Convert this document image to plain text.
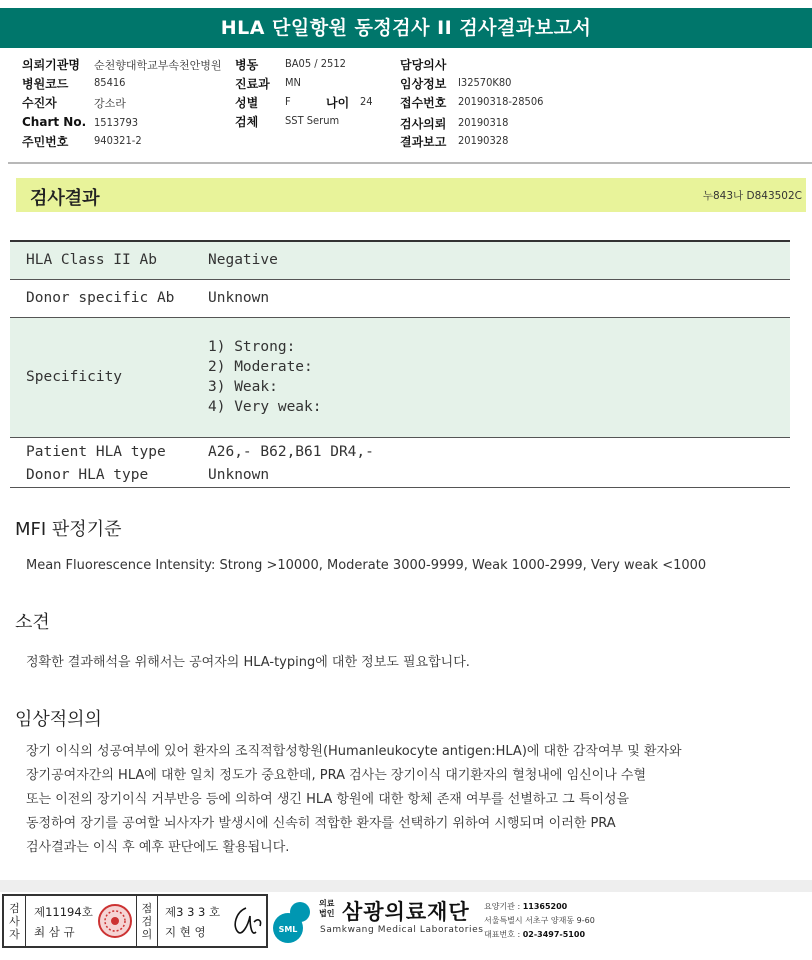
HLA 단일항원 동정검사 II 검사결과보고서
의뢰기관명 순천향대학교부속천안병원 병동 BA05 / 2512	담당의사
병원코드 85416	진료과 MN	임상정보 I32570K80
수진자	강소라	성별 F	나이 24 접수번호 20190318-28506
Chart No. 1513793	검체 SST Serum	검사의뢰 20190318
주민번호 940321-2	결과보고 20190328
검사결과	누843나 D843502C
HLA Class II Ab	Negative
Donor specific Ab	Unknown
Specificity	1) Strong:
2) Moderate:
3) Weak:
4) Very weak:

Patient HLA type	A26,- B62,B61 DR4,-
Donor HLA type	Unknown
MFI 판정기준
Mean Fluorescence Intensity: Strong >10000, Moderate 3000-9999, Weak 1000-2999, Very weak <1000
소견
정확한 결과해석을 위해서는 공여자의 HLA-typing에 대한 정보도 필요합니다.
임상적의의
장기 이식의 성공여부에 있어 환자의 조직적합성항원(Humanleukocyte antigen:HLA)에 대한 감작여부 및 환자와
장기공여자간의 HLA에 대한 일치 정도가 중요한데, PRA 검사는 장기이식 대기환자의 혈청내에 임신이나 수혈
또는 이전의 장기이식 거부반응 등에 의하여 생긴 HLA 항원에 대한 항체 존재 여부를 선별하고 그 특이성을
동정하여 장기를 공여할 뇌사자가 발생시에 신속히 적합한 환자를 선택하기 위하여 시행되며 이러한 PRA
검사결과는 이식 후 예후 판단에도 활용됩니다.
검사자
제11194호
최 삼 규
점검의
제3 3 3 호
지 현 영	SML
의료법인 삼광의료재단
Samkwang Medical Laboratories
요양기관 : 11365200
서울특별시 서초구 양재동 9-60
대표번호 : 02-3497-5100
